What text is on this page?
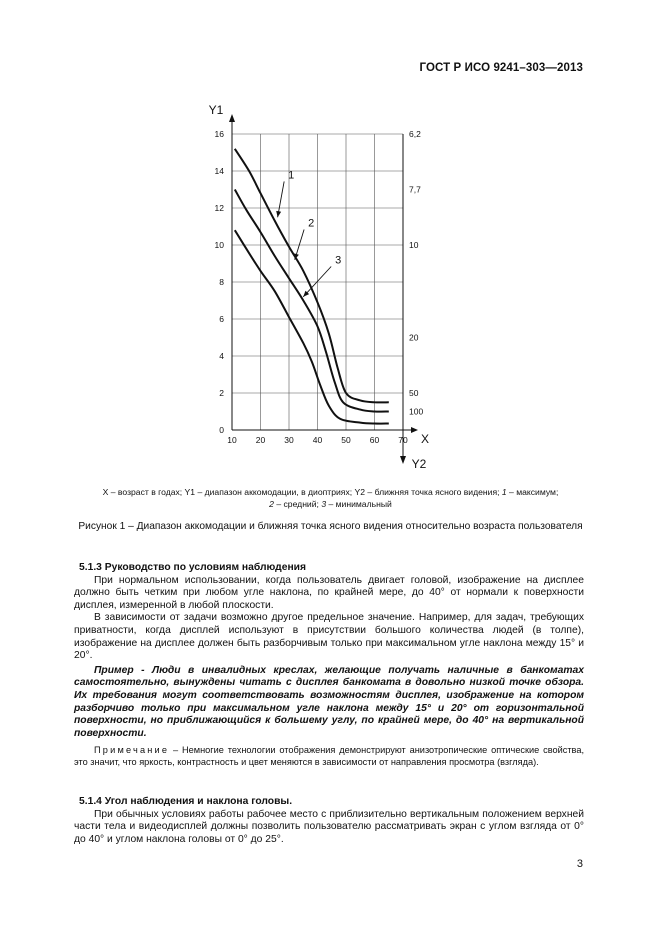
ГОСТ Р ИСО 9241–303—2013
0
2
4
6
8
10
12
14
16
10 20 30 40 50 60 70
6,2
7,7
10
20
50
100
Y1
X
Y2
1
2
3
X – возраст в годах; Y1 – диапазон аккомодации, в диоптриях; Y2 – ближняя точка ясного видения; 1 – максимум;
2 – средний; 3 – минимальный
Рисунок 1 – Диапазон аккомодации и ближняя точка ясного видения относительно возраста пользователя

5.1.3 Руководство по условиям наблюдения

При нормальном использовании, когда пользователь двигает головой, изображение на дисплее должно быть четким при любом угле наклона, по крайней мере, до 40° от нормали к поверхности дисплея, измеренной в любой плоскости.

В зависимости от задачи возможно другое предельное значение. Например, для задач, требующих приватности, когда дисплей используют в присутствии большого количества людей (в толпе), изображение на дисплее должен быть разборчивым только при максимальном угле наклона между 15° и 20°.

Пример - Люди в инвалидных креслах, желающие получать наличные в банкоматах самостоятельно, вынуждены читать с дисплея банкомата в довольно низкой точке обзора. Их требования могут соответствовать возможностям дисплея, изображение на котором разборчиво только при максимальном угле наклона между 15° и 20° от горизонтальной поверхности, но приближающийся к большему углу, по крайней мере, до 40° на вертикальной поверхности.

Примечание – Немногие технологии отображения демонстрируют анизотропические оптические свойства, это значит, что яркость, контрастность и цвет меняются в зависимости от направления просмотра (взгляда).

5.1.4 Угол наблюдения и наклона головы.

При обычных условиях работы рабочее место с приблизительно вертикальным положением верхней части тела и видеодисплей должны позволить пользователю рассматривать экран с углом взгляда от 0° до 40° и углом наклона головы от 0° до 25°.

3
